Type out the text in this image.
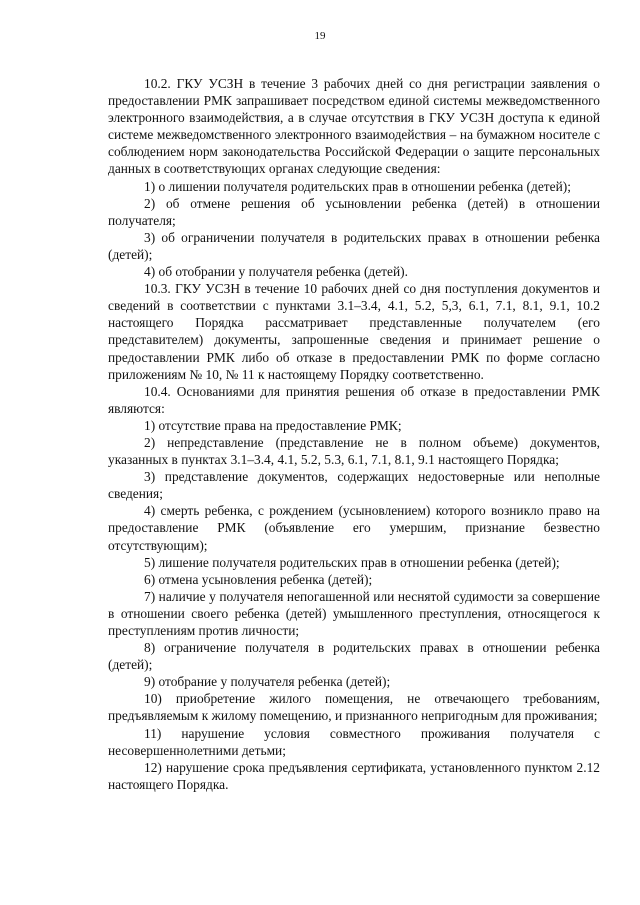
19

10.2. ГКУ УСЗН в течение 3 рабочих дней со дня регистрации заявления о предоставлении РМК запрашивает посредством единой системы межведомственного электронного взаимодействия, а в случае отсутствия в ГКУ УСЗН доступа к единой системе межведомственного электронного взаимодействия – на бумажном носителе с соблюдением норм законодательства Российской Федерации о защите персональных данных в соответствующих органах следующие сведения:

1) о лишении получателя родительских прав в отношении ребенка (детей);

2) об отмене решения об усыновлении ребенка (детей) в отношении получателя;

3) об ограничении получателя в родительских правах в отношении ребенка (детей);

4) об отобрании у получателя ребенка (детей).

10.3. ГКУ УСЗН в течение 10 рабочих дней со дня поступления документов и сведений в соответствии с пунктами 3.1–3.4, 4.1, 5.2, 5,3, 6.1, 7.1, 8.1, 9.1, 10.2 настоящего Порядка рассматривает представленные получателем (его представителем) документы, запрошенные сведения и принимает решение о предоставлении РМК либо об отказе в предоставлении РМК по форме согласно приложениям № 10, № 11 к настоящему Порядку соответственно.

10.4. Основаниями для принятия решения об отказе в предоставлении РМК являются:

1) отсутствие права на предоставление РМК;

2) непредставление (представление не в полном объеме) документов, указанных в пунктах 3.1–3.4, 4.1, 5.2, 5.3, 6.1, 7.1, 8.1, 9.1 настоящего Порядка;

3) представление документов, содержащих недостоверные или неполные сведения;

4) смерть ребенка, с рождением (усыновлением) которого возникло право на предоставление РМК (объявление его умершим, признание безвестно отсутствующим);

5) лишение получателя родительских прав в отношении ребенка (детей);

6) отмена усыновления ребенка (детей);

7) наличие у получателя непогашенной или неснятой судимости за совершение в отношении своего ребенка (детей) умышленного преступления, относящегося к преступлениям против личности;

8) ограничение получателя в родительских правах в отношении ребенка (детей);

9) отобрание у получателя ребенка (детей);

10) приобретение жилого помещения, не отвечающего требованиям, предъявляемым к жилому помещению, и признанного непригодным для проживания;

11) нарушение условия совместного проживания получателя с несовершеннолетними детьми;

12) нарушение срока предъявления сертификата, установленного пунктом 2.12 настоящего Порядка.
